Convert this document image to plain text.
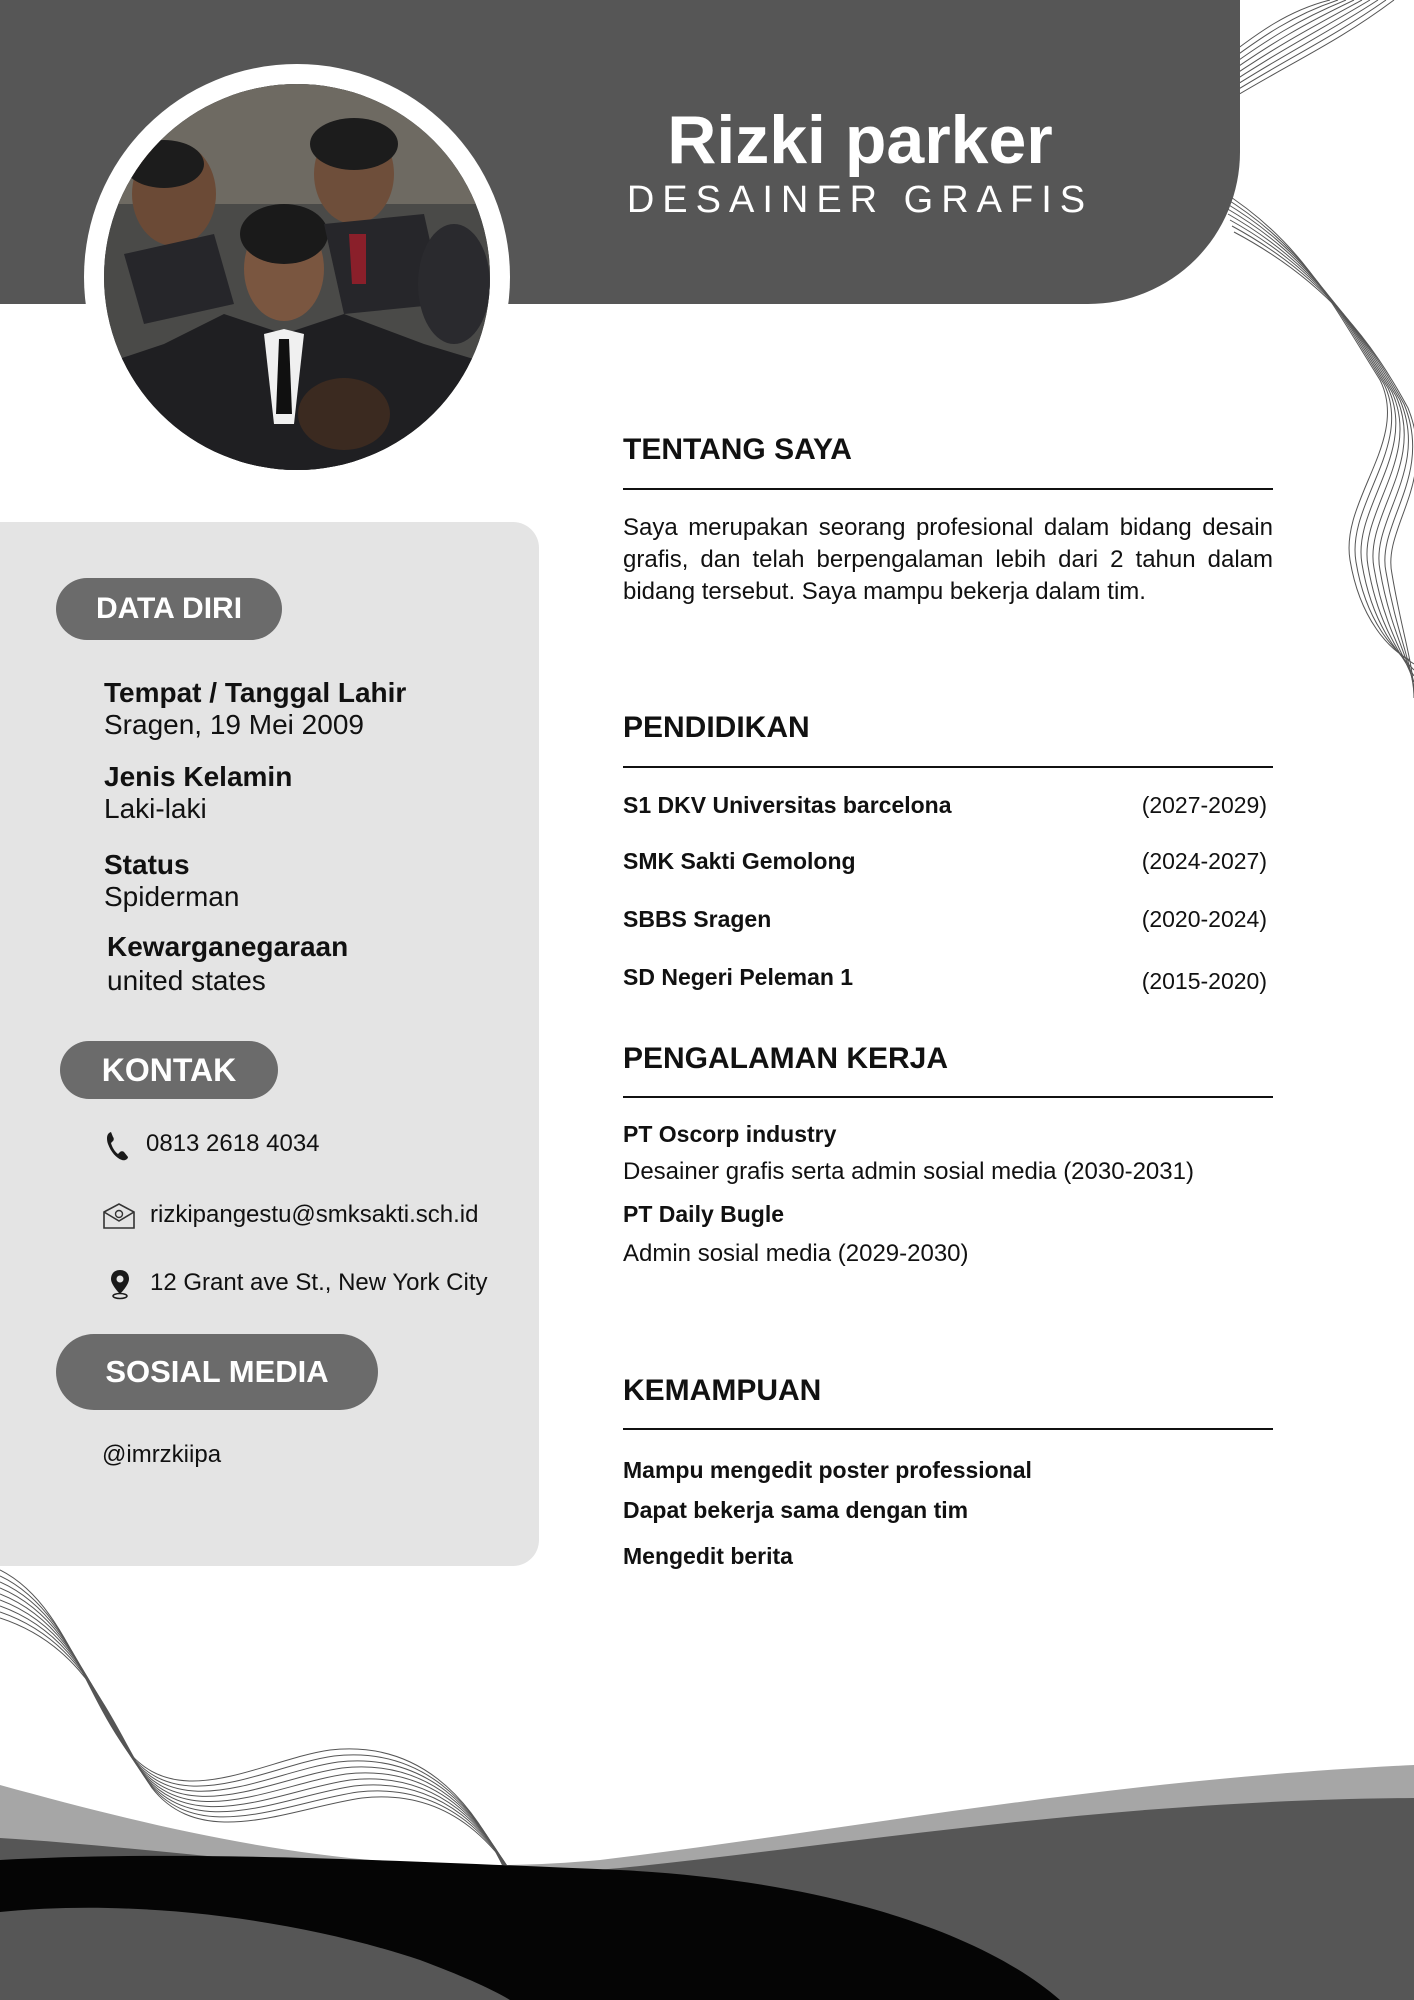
Rizki parker
DESAINER GRAFIS
DATA DIRI
Tempat / Tanggal Lahir
Sragen, 19 Mei 2009
Jenis Kelamin
Laki-laki
Status
Spiderman
Kewarganegaraan
united states
KONTAK
0813 2618 4034
rizkipangestu@smksakti.sch.id
12 Grant ave St., New York City
SOSIAL MEDIA
@imrzkiipa
TENTANG SAYA
Saya merupakan seorang profesional dalam bidang desain grafis, dan telah berpengalaman lebih dari 2 tahun dalam bidang tersebut. Saya mampu bekerja dalam tim.
PENDIDIKAN
S1 DKV Universitas barcelona	(2027-2029)
SMK Sakti Gemolong	(2024-2027)
SBBS Sragen	(2020-2024)
SD Negeri Peleman 1	(2015-2020)
PENGALAMAN KERJA
PT Oscorp industry
Desainer grafis serta admin sosial media (2030-2031)
PT Daily Bugle
Admin sosial media (2029-2030)
KEMAMPUAN
Mampu mengedit poster professional
Dapat bekerja sama dengan tim
Mengedit berita
